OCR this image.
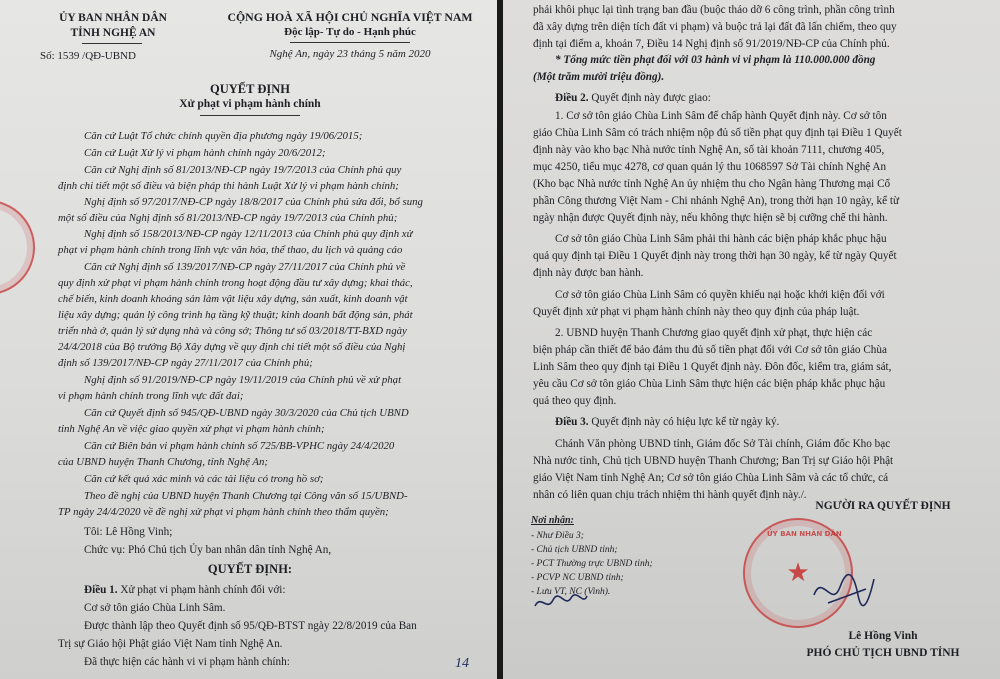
ỦY BAN NHÂN DÂN
TỈNH NGHỆ AN
Số: 1539 /QĐ-UBND
CỘNG HOÀ XÃ HỘI CHỦ NGHĨA VIỆT NAM
Độc lập- Tự do - Hạnh phúc
Nghệ An, ngày 23 tháng 5 năm 2020
QUYẾT ĐỊNH
Xử phạt vi phạm hành chính
Căn cứ Luật Tổ chức chính quyền địa phương ngày 19/06/2015;
Căn cứ Luật Xử lý vi phạm hành chính ngày 20/6/2012;
Căn cứ Nghị định số 81/2013/NĐ-CP ngày 19/7/2013 của Chính phủ quy
định chi tiết một số điều và biện pháp thi hành Luật Xử lý vi phạm hành chính;
Nghị định số 97/2017/NĐ-CP ngày 18/8/2017 của Chính phủ sửa đổi, bổ sung
một số điều của Nghị định số 81/2013/NĐ-CP ngày 19/7/2013 của Chính phủ;
Nghị định số 158/2013/NĐ-CP ngày 12/11/2013 của Chính phủ quy định xử
phạt vi phạm hành chính trong lĩnh vực văn hóa, thể thao, du lịch và quảng cáo
Căn cứ Nghị định số 139/2017/NĐ-CP ngày 27/11/2017 của Chính phủ về
quy định xử phạt vi phạm hành chính trong hoạt động đầu tư xây dựng; khai thác,
chế biến, kinh doanh khoáng sản làm vật liệu xây dựng, sản xuất, kinh doanh vật
liệu xây dựng; quản lý công trình hạ tầng kỹ thuật; kinh doanh bất động sản, phát
triển nhà ở, quản lý sử dụng nhà và công sở; Thông tư số 03/2018/TT-BXD ngày
24/4/2018 của Bộ trưởng Bộ Xây dựng về quy định chi tiết một số điều của Nghị
định số 139/2017/NĐ-CP ngày 27/11/2017 của Chính phủ;
Nghị định số 91/2019/NĐ-CP ngày 19/11/2019 của Chính phủ về xử phạt
vi phạm hành chính trong lĩnh vực đất đai;
Căn cứ Quyết định số 945/QĐ-UBND ngày 30/3/2020 của Chủ tịch UBND
tỉnh Nghệ An về việc giao quyền xử phạt vi phạm hành chính;
Căn cứ Biên bản vi phạm hành chính số 725/BB-VPHC ngày 24/4/2020
của UBND huyện Thanh Chương, tỉnh Nghệ An;
Căn cứ kết quả xác minh và các tài liệu có trong hồ sơ;
Theo đề nghị của UBND huyện Thanh Chương tại Công văn số 15/UBND-
TP ngày 24/4/2020 về đề nghị xử phạt vi phạm hành chính theo thẩm quyền;
Tôi: Lê Hồng Vinh;
Chức vụ: Phó Chủ tịch Ủy ban nhân dân tỉnh Nghệ An,
QUYẾT ĐỊNH:
Điều 1. Xử phạt vi phạm hành chính đối với:
Cơ sở tôn giáo Chùa Linh Sâm.
Được thành lập theo Quyết định số 95/QĐ-BTST ngày 22/8/2019 của Ban
Trị sự Giáo hội Phật giáo Việt Nam tỉnh Nghệ An.
Đã thực hiện các hành vi vi phạm hành chính:	14
phải khôi phục lại tình trạng ban đầu (buộc tháo dỡ 6 công trình, phần công trình
đã xây dựng trên diện tích đất vi phạm) và buộc trả lại đất đã lấn chiếm, theo quy
định tại điểm a, khoản 7, Điều 14 Nghị định số 91/2019/NĐ-CP của Chính phủ.
* Tổng mức tiền phạt đối với 03 hành vi vi phạm là 110.000.000 đồng
(Một trăm mười triệu đồng).
Điều 2. Quyết định này được giao:
1. Cơ sở tôn giáo Chùa Linh Sâm để chấp hành Quyết định này. Cơ sở tôn
giáo Chùa Linh Sâm có trách nhiệm nộp đủ số tiền phạt quy định tại Điều 1 Quyết
định này vào kho bạc Nhà nước tỉnh Nghệ An, số tài khoản 7111, chương 405,
mục 4250, tiểu mục 4278, cơ quan quản lý thu 1068597 Sở Tài chính Nghệ An
(Kho bạc Nhà nước tỉnh Nghệ An ủy nhiệm thu cho Ngân hàng Thương mại Cổ
phần Công thương Việt Nam - Chi nhánh Nghệ An), trong thời hạn 10 ngày, kể từ
ngày nhận được Quyết định này, nếu không thực hiện sẽ bị cưỡng chế thi hành.
Cơ sở tôn giáo Chùa Linh Sâm phải thi hành các biện pháp khắc phục hậu
quả quy định tại Điều 1 Quyết định này trong thời hạn 30 ngày, kể từ ngày Quyết
định này được ban hành.
Cơ sở tôn giáo Chùa Linh Sâm có quyền khiếu nại hoặc khởi kiện đối với
Quyết định xử phạt vi phạm hành chính này theo quy định của pháp luật.
2. UBND huyện Thanh Chương giao quyết định xử phạt, thực hiện các
biện pháp cần thiết để bảo đảm thu đủ số tiền phạt đối với Cơ sở tôn giáo Chùa
Linh Sâm theo quy định tại Điều 1 Quyết định này. Đôn đốc, kiểm tra, giám sát,
yêu cầu Cơ sở tôn giáo Chùa Linh Sâm thực hiện các biện pháp khắc phục hậu
quả theo quy định.
Điều 3. Quyết định này có hiệu lực kể từ ngày ký.
Chánh Văn phòng UBND tỉnh, Giám đốc Sở Tài chính, Giám đốc Kho bạc
Nhà nước tỉnh, Chủ tịch UBND huyện Thanh Chương; Ban Trị sự Giáo hội Phật
giáo Việt Nam tỉnh Nghệ An; Cơ sở tôn giáo Chùa Linh Sâm và các tổ chức, cá
nhân có liên quan chịu trách nhiệm thi hành quyết định này./.
Nơi nhận:
- Như Điều 3;
- Chủ tịch UBND tỉnh;
- PCT Thường trực UBND tỉnh;
- PCVP NC UBND tỉnh;
- Lưu VT, NC (Vinh).
NGƯỜI RA QUYẾT ĐỊNH
ỦY BAN NHÂN DÂN
★
Lê Hồng Vinh
PHÓ CHỦ TỊCH UBND TỈNH
